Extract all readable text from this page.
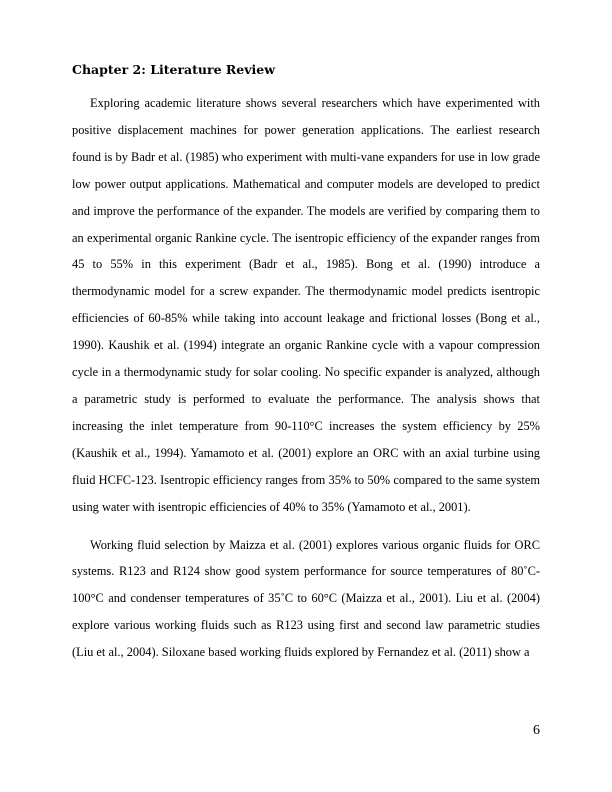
Chapter 2: Literature Review

Exploring academic literature shows several researchers which have experimented with positive displacement machines for power generation applications. The earliest research found is by Badr et al. (1985) who experiment with multi-vane expanders for use in low grade low power output applications. Mathematical and computer models are developed to predict and improve the performance of the expander. The models are verified by comparing them to an experimental organic Rankine cycle. The isentropic efficiency of the expander ranges from 45 to 55% in this experiment (Badr et al., 1985). Bong et al. (1990) introduce a thermodynamic model for a screw expander. The thermodynamic model predicts isentropic efficiencies of 60-85% while taking into account leakage and frictional losses (Bong et al., 1990). Kaushik et al. (1994) integrate an organic Rankine cycle with a vapour compression cycle in a thermodynamic study for solar cooling. No specific expander is analyzed, although a parametric study is performed to evaluate the performance. The analysis shows that increasing the inlet temperature from 90-110°C increases the system efficiency by 25% (Kaushik et al., 1994). Yamamoto et al. (2001) explore an ORC with an axial turbine using fluid HCFC-123. Isentropic efficiency ranges from 35% to 50% compared to the same system using water with isentropic efficiencies of 40% to 35% (Yamamoto et al., 2001).

Working fluid selection by Maizza et al. (2001) explores various organic fluids for ORC systems. R123 and R124 show good system performance for source temperatures of 80˚C-100°C and condenser temperatures of 35˚C to 60°C (Maizza et al., 2001). Liu et al. (2004) explore various working fluids such as R123 using first and second law parametric studies (Liu et al., 2004). Siloxane based working fluids explored by Fernandez et al. (2011) show a

6
